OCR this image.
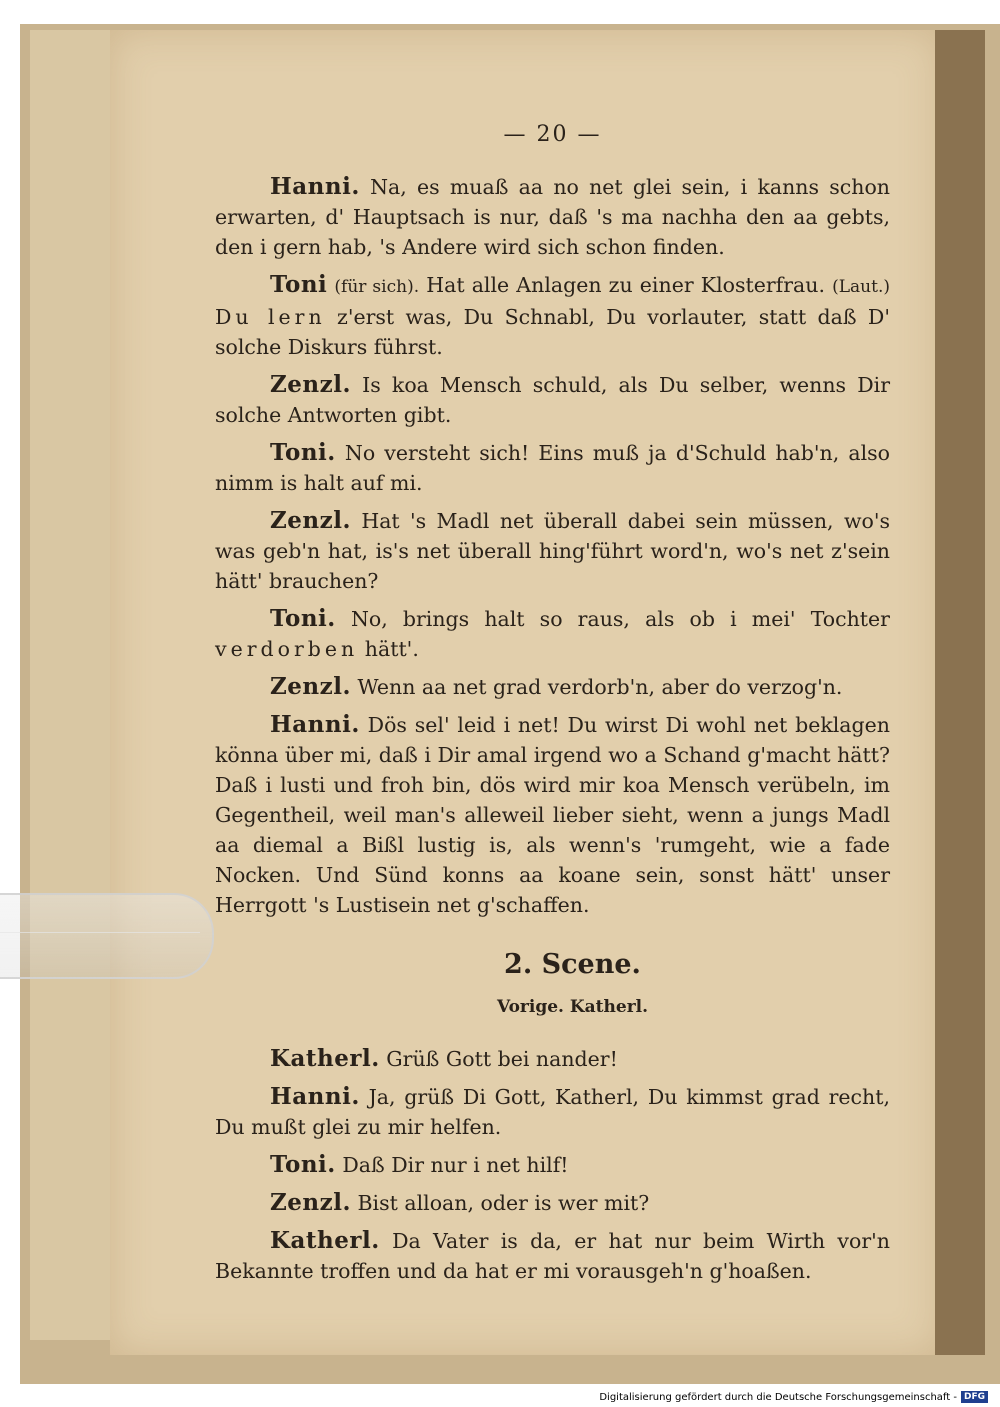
— 20 —

Hanni. Na, es muaß aa no net glei sein, i kanns schon erwarten, d' Hauptsach is nur, daß 's ma nachha den aa gebts, den i gern hab, 's Andere wird sich schon finden.

Toni (für sich). Hat alle Anlagen zu einer Klosterfrau. (Laut.) Du lern z'erst was, Du Schnabl, Du vorlauter, statt daß D' solche Diskurs führst.

Zenzl. Is koa Mensch schuld, als Du selber, wenns Dir solche Antworten gibt.

Toni. No versteht sich! Eins muß ja d'Schuld hab'n, also nimm is halt auf mi.

Zenzl. Hat 's Madl net überall dabei sein müssen, wo's was geb'n hat, is's net überall hing'führt word'n, wo's net z'sein hätt' brauchen?

Toni. No, brings halt so raus, als ob i mei' Tochter verdorben hätt'.

Zenzl. Wenn aa net grad verdorb'n, aber do verzog'n.

Hanni. Dös sel' leid i net! Du wirst Di wohl net beklagen könna über mi, daß i Dir amal irgend wo a Schand g'macht hätt? Daß i lusti und froh bin, dös wird mir koa Mensch verübeln, im Gegentheil, weil man's alleweil lieber sieht, wenn a jungs Madl aa diemal a Bißl lustig is, als wenn's 'rumgeht, wie a fade Nocken. Und Sünd konns aa koane sein, sonst hätt' unser Herrgott 's Lustisein net g'schaffen.

2. Scene.
Vorige. Katherl.

Katherl. Grüß Gott bei nander!

Hanni. Ja, grüß Di Gott, Katherl, Du kimmst grad recht, Du mußt glei zu mir helfen.

Toni. Daß Dir nur i net hilf!

Zenzl. Bist alloan, oder is wer mit?

Katherl. Da Vater is da, er hat nur beim Wirth vor'n Bekannte troffen und da hat er mi vorausgeh'n g'hoaßen.

Digitalisierung gefördert durch die Deutsche Forschungsgemeinschaft - DFG
